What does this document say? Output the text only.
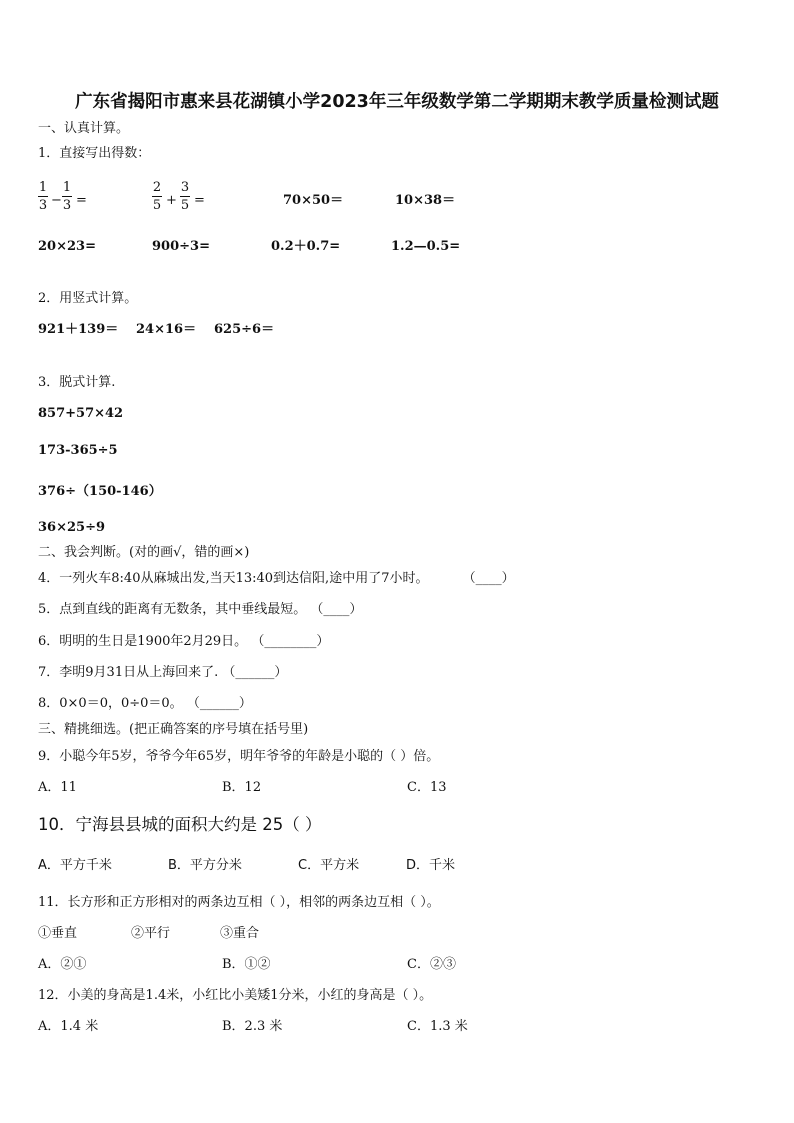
广东省揭阳市惠来县花湖镇小学2023年三年级数学第二学期期末教学质量检测试题
一、认真计算。
1．直接写出得数：
1
3 −
1
3 =
2
5 +
3
5 =	70×50＝	10×38＝
20×23=	900÷3=	0.2＋0.7=	1.2—0.5=
2．用竖式计算。
921＋139＝ 24×16＝ 625÷6＝
3．脱式计算.
857+57×42
173-365÷5
376÷（150-146）
36×25÷9
二、我会判断。(对的画√，错的画×)
4．一列火车8:40从麻城出发,当天13:40到达信阳,途中用了7小时。	（____）
5．点到直线的距离有无数条，其中垂线最短。 （____）
6．明明的生日是1900年2月29日。 （________）
7．李明9月31日从上海回来了. （______）
8．0×0＝0，0÷0＝0。 （______）
三、精挑细选。(把正确答案的序号填在括号里)
9．小聪今年5岁，爷爷今年65岁，明年爷爷的年龄是小聪的（ ）倍。
A．11	B．12	C．13
10．宁海县县城的面积大约是 25（ ）
A．平方千米	B．平方分米	C．平方米	D．千米
11．长方形和正方形相对的两条边互相（ ），相邻的两条边互相（ ）。
①垂直	②平行	③重合
A．②①	B．①②	C．②③
12．小美的身高是1.4米，小红比小美矮1分米，小红的身高是（ ）。
A．1.4 米	B．2.3 米	C．1.3 米
